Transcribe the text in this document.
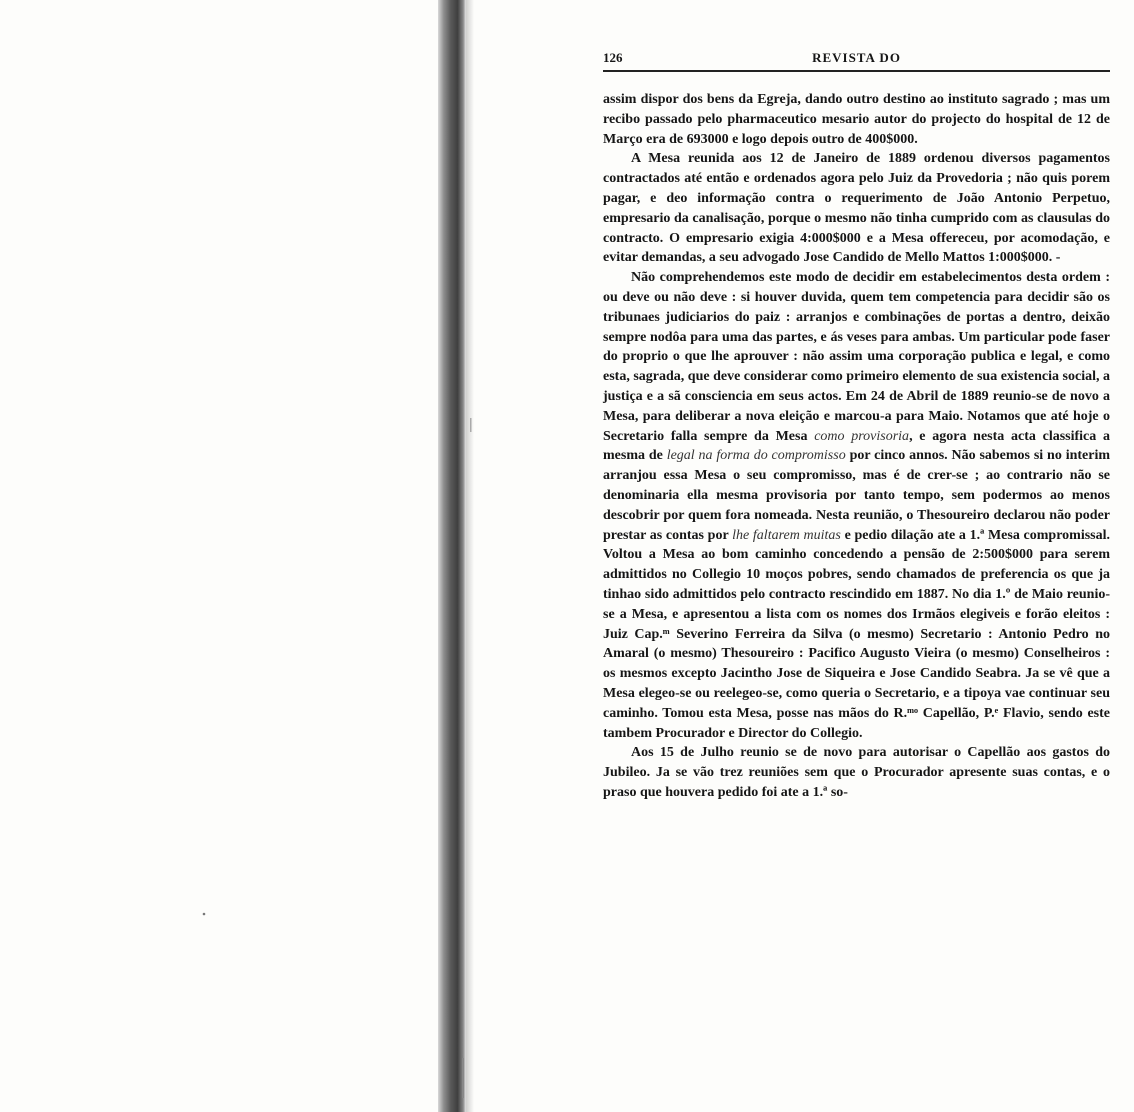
126	REVISTA DO

assim dispor dos bens da Egreja, dando outro destino ao instituto sagrado ; mas um recibo passado pelo pharmaceutico mesario autor do projecto do hospital de 12 de Março era de 693000 e logo depois outro de 400$000.

A Mesa reunida aos 12 de Janeiro de 1889 ordenou diversos pagamentos contractados até então e ordenados agora pelo Juiz da Provedoria ; não quis porem pagar, e deo informação contra o requerimento de João Antonio Perpetuo, empresario da canalisação, porque o mesmo não tinha cumprido com as clausulas do contracto. O empresario exigia 4:000$000 e a Mesa offereceu, por acomodação, e evitar demandas, a seu advogado Jose Candido de Mello Mattos 1:000$000. -

Não comprehendemos este modo de decidir em estabelecimentos desta ordem : ou deve ou não deve : si houver duvida, quem tem competencia para decidir são os tribunaes judiciarios do paiz : arranjos e combinações de portas a dentro, deixão sempre nodôa para uma das partes, e ás veses para ambas. Um particular pode faser do proprio o que lhe aprouver : não assim uma corporação publica e legal, e como esta, sagrada, que deve considerar como primeiro elemento de sua existencia social, a justiça e a sã consciencia em seus actos. Em 24 de Abril de 1889 reunio-se de novo a Mesa, para deliberar a nova eleição e marcou-a para Maio. Notamos que até hoje o Secretario falla sempre da Mesa como provisoria, e agora nesta acta classifica a mesma de legal na forma do compromisso por cinco annos. Não sabemos si no interim arranjou essa Mesa o seu compromisso, mas é de crer-se ; ao contrario não se denominaria ella mesma provisoria por tanto tempo, sem podermos ao menos descobrir por quem fora nomeada. Nesta reunião, o Thesoureiro declarou não poder prestar as contas por lhe faltarem muitas e pedio dilação ate a 1.ª Mesa compromissal. Voltou a Mesa ao bom caminho concedendo a pensão de 2:500$000 para serem admittidos no Collegio 10 moços pobres, sendo chamados de preferencia os que ja tinhao sido admittidos pelo contracto rescindido em 1887. No dia 1.º de Maio reunio-se a Mesa, e apresentou a lista com os nomes dos Irmãos elegiveis e forão eleitos : Juiz Cap.ᵐ Severino Ferreira da Silva (o mesmo) Secretario : Antonio Pedro no Amaral (o mesmo) Thesoureiro : Pacifico Augusto Vieira (o mesmo) Conselheiros : os mesmos excepto Jacintho Jose de Siqueira e Jose Candido Seabra. Ja se vê que a Mesa elegeo-se ou reelegeo-se, como queria o Secretario, e a tipoya vae continuar seu caminho. Tomou esta Mesa, posse nas mãos do R.ᵐᵒ Capellão, P.ᵉ Flavio, sendo este tambem Procurador e Director do Collegio.

Aos 15 de Julho reunio se de novo para autorisar o Capellão aos gastos do Jubileo. Ja se vão trez reuniões sem que o Procurador apresente suas contas, e o praso que houvera pedido foi ate a 1.ª so-
